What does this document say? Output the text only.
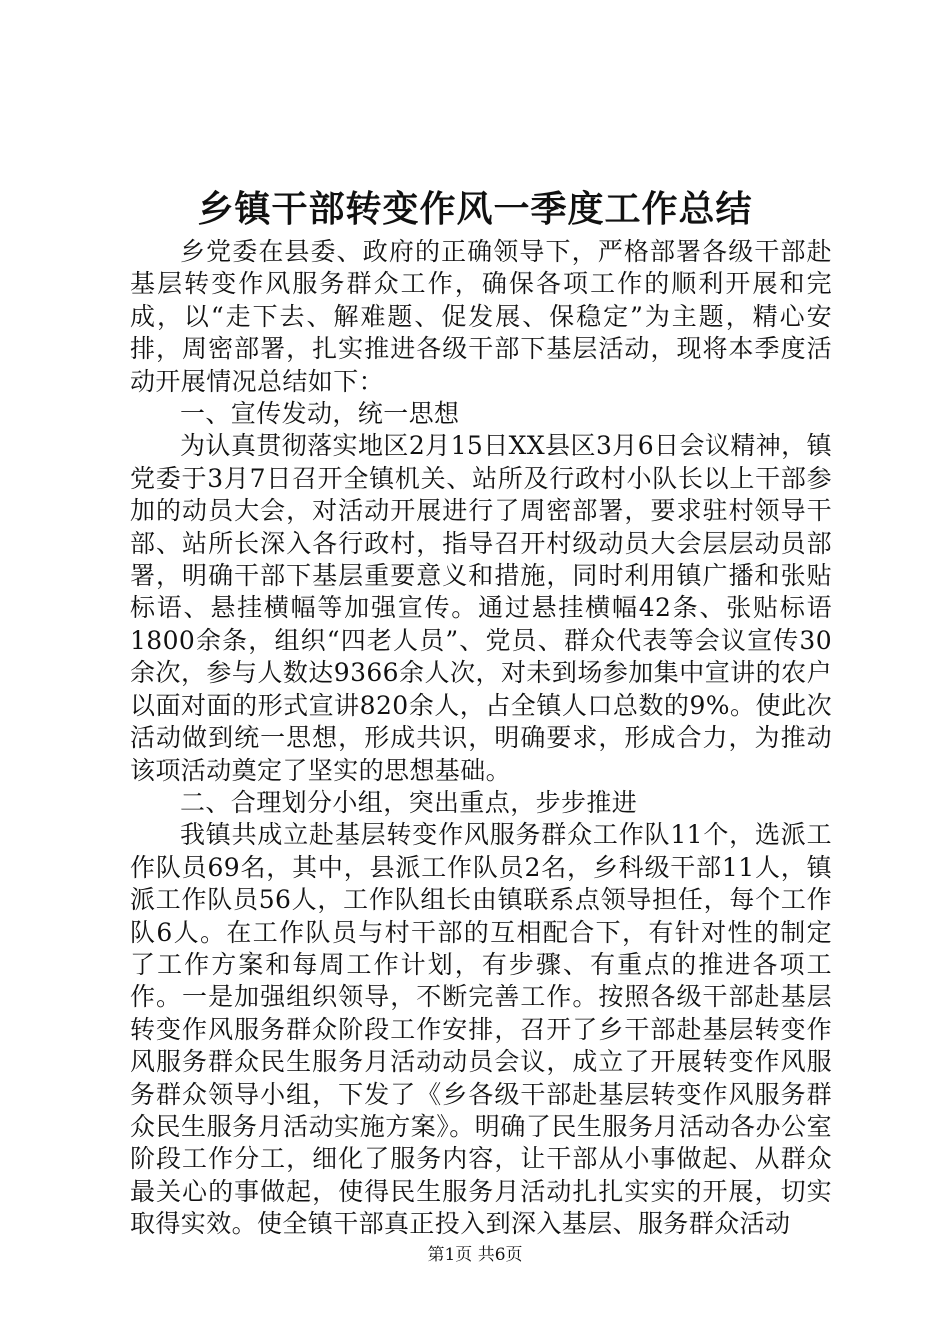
乡镇干部转变作风一季度工作总结

乡党委在县委、政府的正确领导下，严格部署各级干部赴基层转变作风服务群众工作，确保各项工作的顺利开展和完成，以“走下去、解难题、促发展、保稳定”为主题，精心安排，周密部署，扎实推进各级干部下基层活动，现将本季度活动开展情况总结如下：

一、宣传发动，统一思想

为认真贯彻落实地区2月15日XX县区3月6日会议精神，镇党委于3月7日召开全镇机关、站所及行政村小队长以上干部参加的动员大会，对活动开展进行了周密部署，要求驻村领导干部、站所长深入各行政村，指导召开村级动员大会层层动员部署，明确干部下基层重要意义和措施，同时利用镇广播和张贴标语、悬挂横幅等加强宣传。通过悬挂横幅42条、张贴标语1800余条，组织“四老人员”、党员、群众代表等会议宣传30余次，参与人数达9366余人次，对未到场参加集中宣讲的农户以面对面的形式宣讲820余人，占全镇人口总数的9%。使此次活动做到统一思想，形成共识，明确要求，形成合力，为推动该项活动奠定了坚实的思想基础。

二、合理划分小组，突出重点，步步推进

我镇共成立赴基层转变作风服务群众工作队11个，选派工作队员69名，其中，县派工作队员2名，乡科级干部11人，镇派工作队员56人，工作队组长由镇联系点领导担任，每个工作队6人。在工作队员与村干部的互相配合下，有针对性的制定了工作方案和每周工作计划，有步骤、有重点的推进各项工作。一是加强组织领导，不断完善工作。按照各级干部赴基层转变作风服务群众阶段工作安排，召开了乡干部赴基层转变作风服务群众民生服务月活动动员会议，成立了开展转变作风服务群众领导小组，下发了《乡各级干部赴基层转变作风服务群众民生服务月活动实施方案》。明确了民生服务月活动各办公室阶段工作分工，细化了服务内容，让干部从小事做起、从群众最关心的事做起，使得民生服务月活动扎扎实实的开展，切实取得实效。使全镇干部真正投入到深入基层、服务群众活动

第1页 共6页
